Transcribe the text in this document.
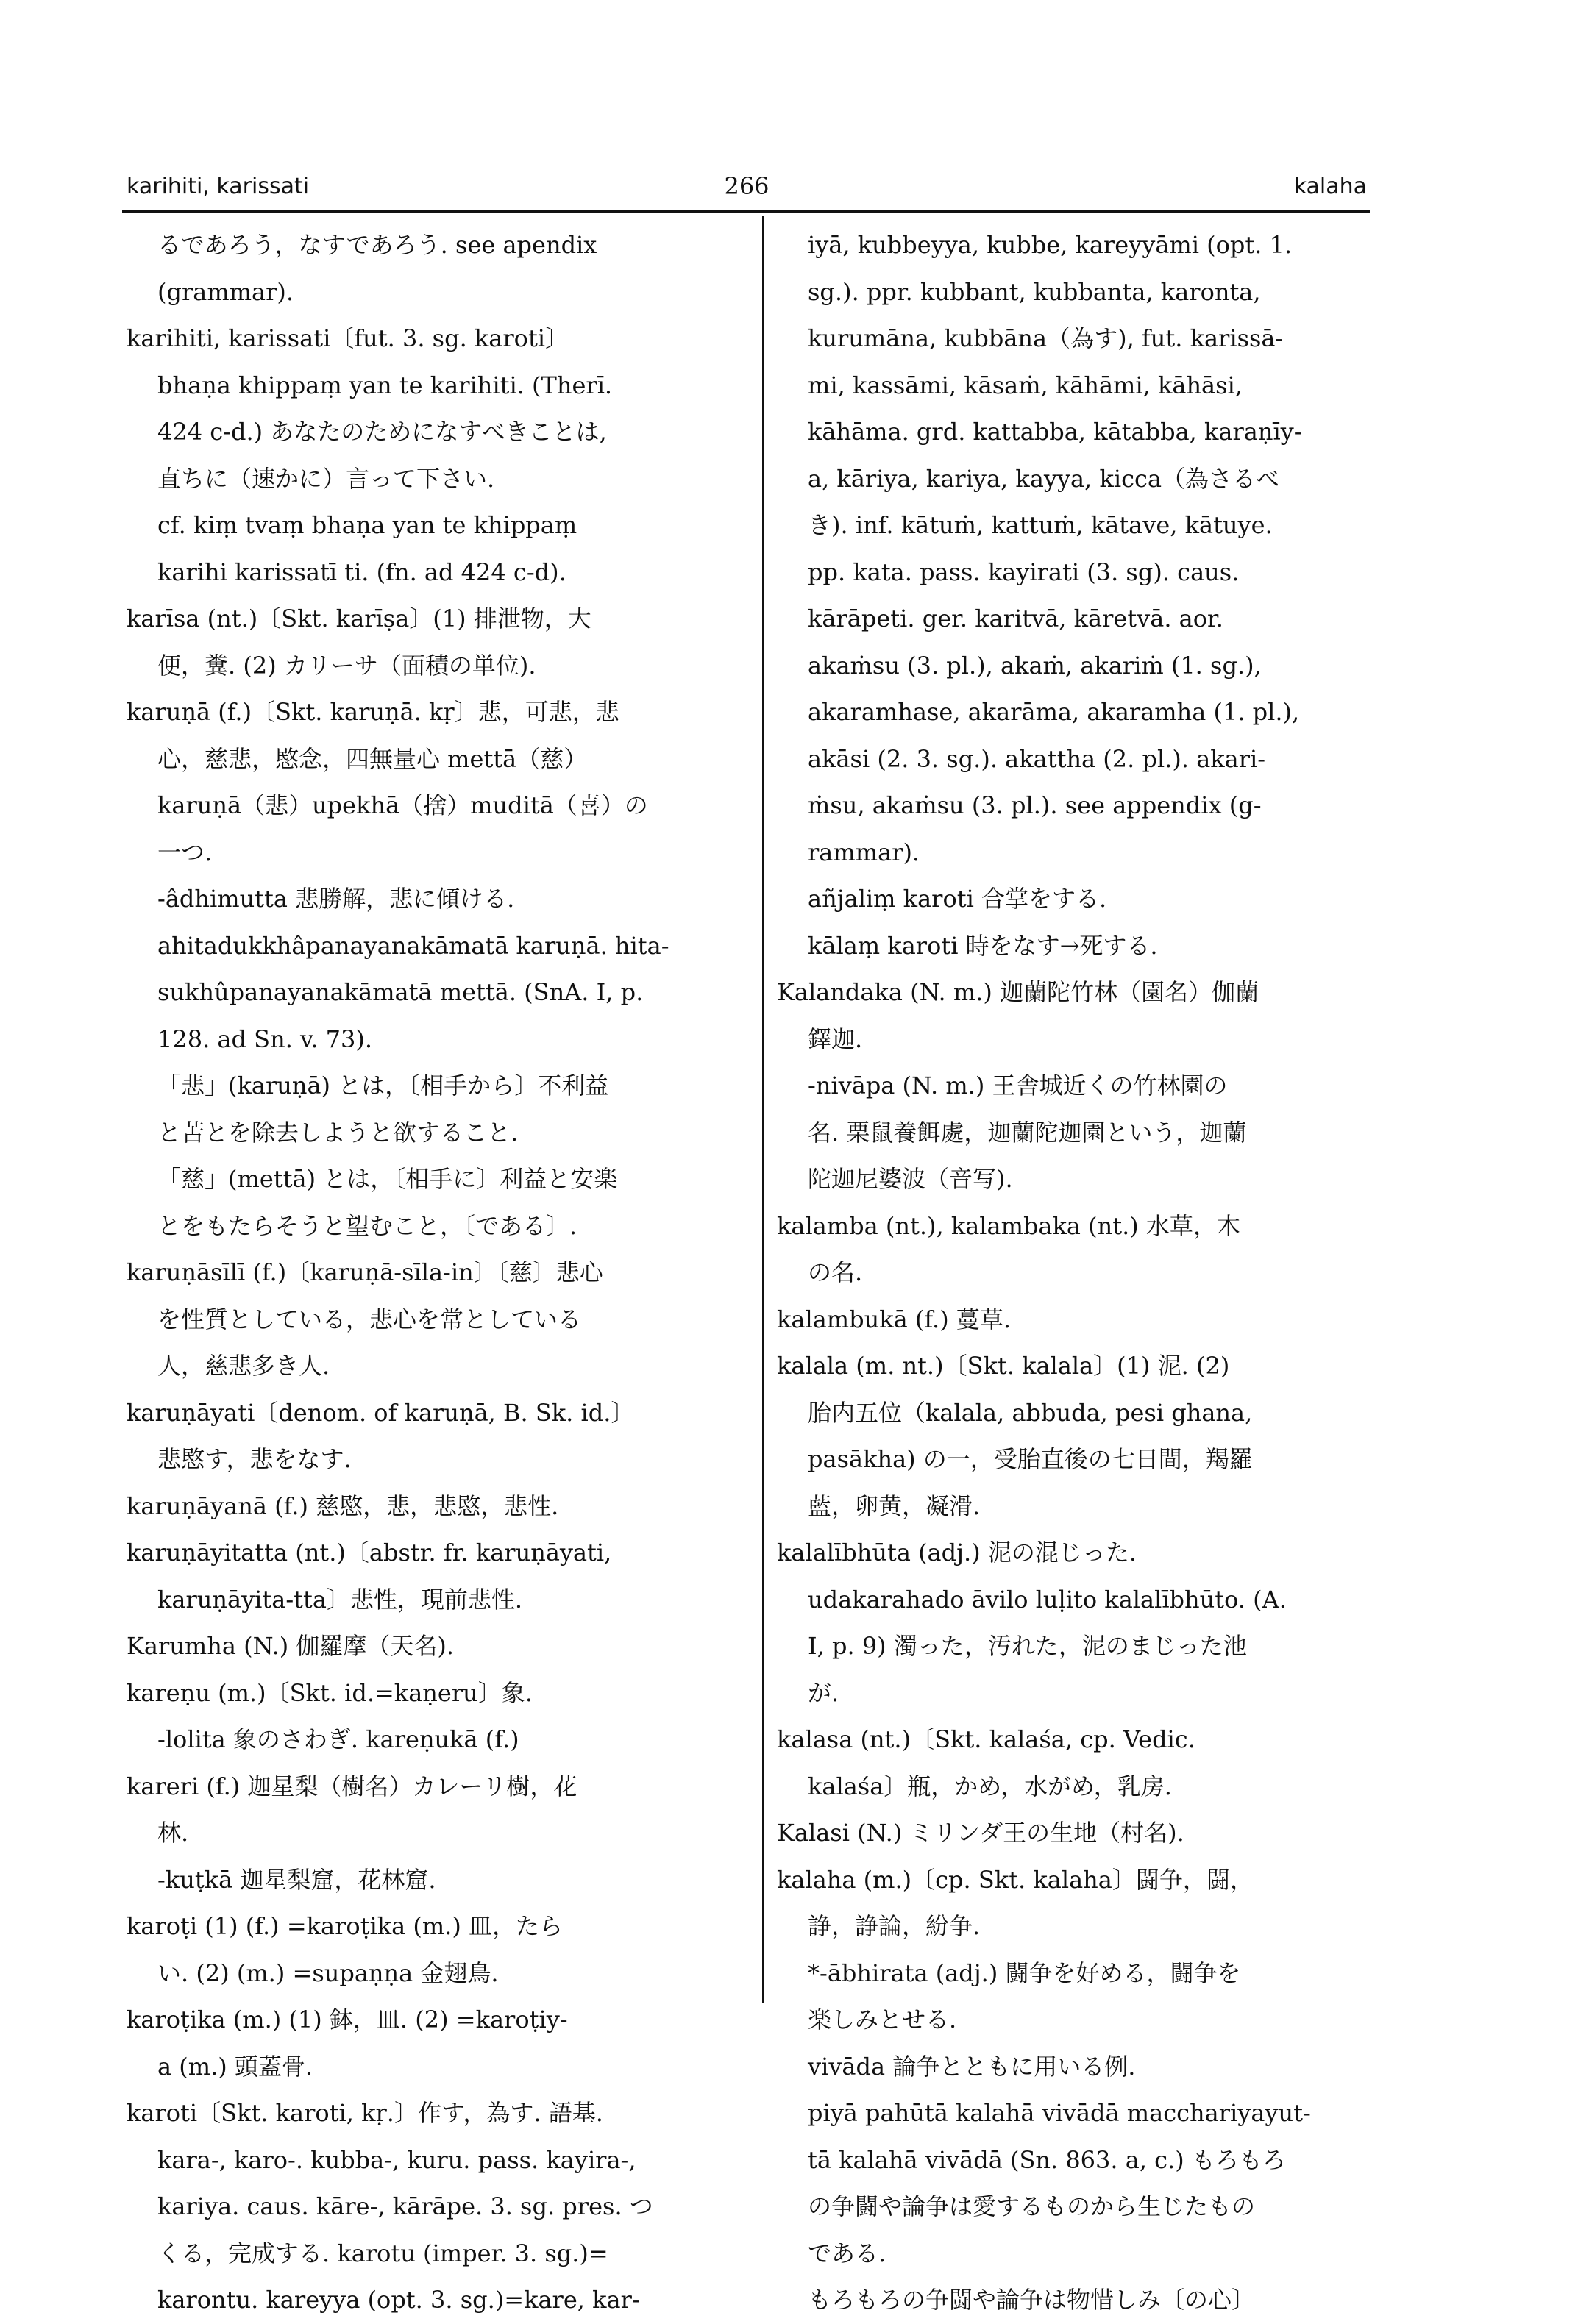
karihiti, karissati	266	kalaha
るであろう，なすであろう. see apendix
(grammar).
karihiti, karissati〔fut. 3. sg. karoti〕
bhaṇa khippaṃ yan te karihiti. (Therī.
424 c-d.) あなたのためになすべきことは,
直ちに（速かに）言って下さい.
cf. kiṃ tvaṃ bhaṇa yan te khippaṃ
karihi karissatī ti. (fn. ad 424 c-d).
karīsa (nt.)〔Skt. karīṣa〕(1) 排泄物，大
便，糞. (2) カリーサ（面積の単位).
karuṇā (f.)〔Skt. karuṇā. kṛ〕悲，可悲，悲
心，慈悲，愍念，四無量心 mettā（慈）
karuṇā（悲）upekhā（捨）muditā（喜）の
一つ.
-âdhimutta 悲勝解，悲に傾ける.
ahitadukkhâpanayanakāmatā karuṇā. hita-
sukhûpanayanakāmatā mettā. (SnA. I, p.
128. ad Sn. v. 73).
「悲」(karuṇā) とは，〔相手から〕不利益
と苦とを除去しようと欲すること.
「慈」(mettā) とは，〔相手に〕利益と安楽
とをもたらそうと望むこと，〔である〕.
karuṇāsīlī (f.)〔karuṇā-sīla-in〕〔慈〕悲心
を性質としている，悲心を常としている
人，慈悲多き人.
karuṇāyati〔denom. of karuṇā, B. Sk. id.〕
悲愍す，悲をなす.
karuṇāyanā (f.) 慈愍，悲，悲愍，悲性.
karuṇāyitatta (nt.)〔abstr. fr. karuṇāyati,
karuṇāyita-tta〕悲性，現前悲性.
Karumha (N.) 伽羅摩（天名).
kareṇu (m.)〔Skt. id.=kaṇeru〕象.
-lolita 象のさわぎ. kareṇukā (f.)
kareri (f.) 迦星梨（樹名）カレーリ樹，花
林.
-kuṭkā 迦星梨窟，花林窟.
karoṭi (1) (f.) =karoṭika (m.) 皿，たら
い. (2) (m.) =supaṇṇa 金翅鳥.
karoṭika (m.) (1) 鉢，皿. (2) =karoṭiy-
a (m.) 頭蓋骨.
karoti〔Skt. karoti, kṛ.〕作す，為す. 語基.
kara-, karo-. kubba-, kuru. pass. kayira-,
kariya. caus. kāre-, kārāpe. 3. sg. pres. つ
くる，完成する. karotu (imper. 3. sg.)=
karontu. kareyya (opt. 3. sg.)=kare, kar-
iyā, kubbeyya, kubbe, kareyyāmi (opt. 1.
sg.). ppr. kubbant, kubbanta, karonta,
kurumāna, kubbāna（為す), fut. karissā-
mi, kassāmi, kāsaṁ, kāhāmi, kāhāsi,
kāhāma. grd. kattabba, kātabba, karaṇīy-
a, kāriya, kariya, kayya, kicca（為さるべ
き). inf. kātuṁ, kattuṁ, kātave, kātuye.
pp. kata. pass. kayirati (3. sg). caus.
kārāpeti. ger. karitvā, kāretvā. aor.
akaṁsu (3. pl.), akaṁ, akariṁ (1. sg.),
akaramhase, akarāma, akaramha (1. pl.),
akāsi (2. 3. sg.). akattha (2. pl.). akari-
ṁsu, akaṁsu (3. pl.). see appendix (g-
rammar).
añjaliṃ karoti 合掌をする.
kālaṃ karoti 時をなす→死する.
Kalandaka (N. m.) 迦蘭陀竹林（園名）伽蘭
鐸迦.
-nivāpa (N. m.) 王舎城近くの竹林園の
名. 栗鼠養餌處，迦蘭陀迦園という，迦蘭
陀迦尼婆波（音写).
kalamba (nt.), kalambaka (nt.) 水草，木
の名.
kalambukā (f.) 蔓草.
kalala (m. nt.)〔Skt. kalala〕(1) 泥. (2)
胎内五位（kalala, abbuda, pesi ghana,
pasākha) の一，受胎直後の七日間，羯羅
藍，卵黄，凝滑.
kalalībhūta (adj.) 泥の混じった.
udakarahado āvilo luḷito kalalībhūto. (A.
I, p. 9) 濁った，汚れた，泥のまじった池
が.
kalasa (nt.)〔Skt. kalaśa, cp. Vedic.
kalaśa〕瓶，かめ，水がめ，乳房.
Kalasi (N.) ミリンダ王の生地（村名).
kalaha (m.)〔cp. Skt. kalaha〕闘争，闘，
諍，諍論，紛争.
*-ābhirata (adj.) 闘争を好める，闘争を
楽しみとせる.
vivāda 論争とともに用いる例.
piyā pahūtā kalahā vivādā macchariyayut-
tā kalahā vivādā (Sn. 863. a, c.) もろもろ
の争闘や論争は愛するものから生じたもの
である.
もろもろの争闘や論争は物惜しみ〔の心〕
